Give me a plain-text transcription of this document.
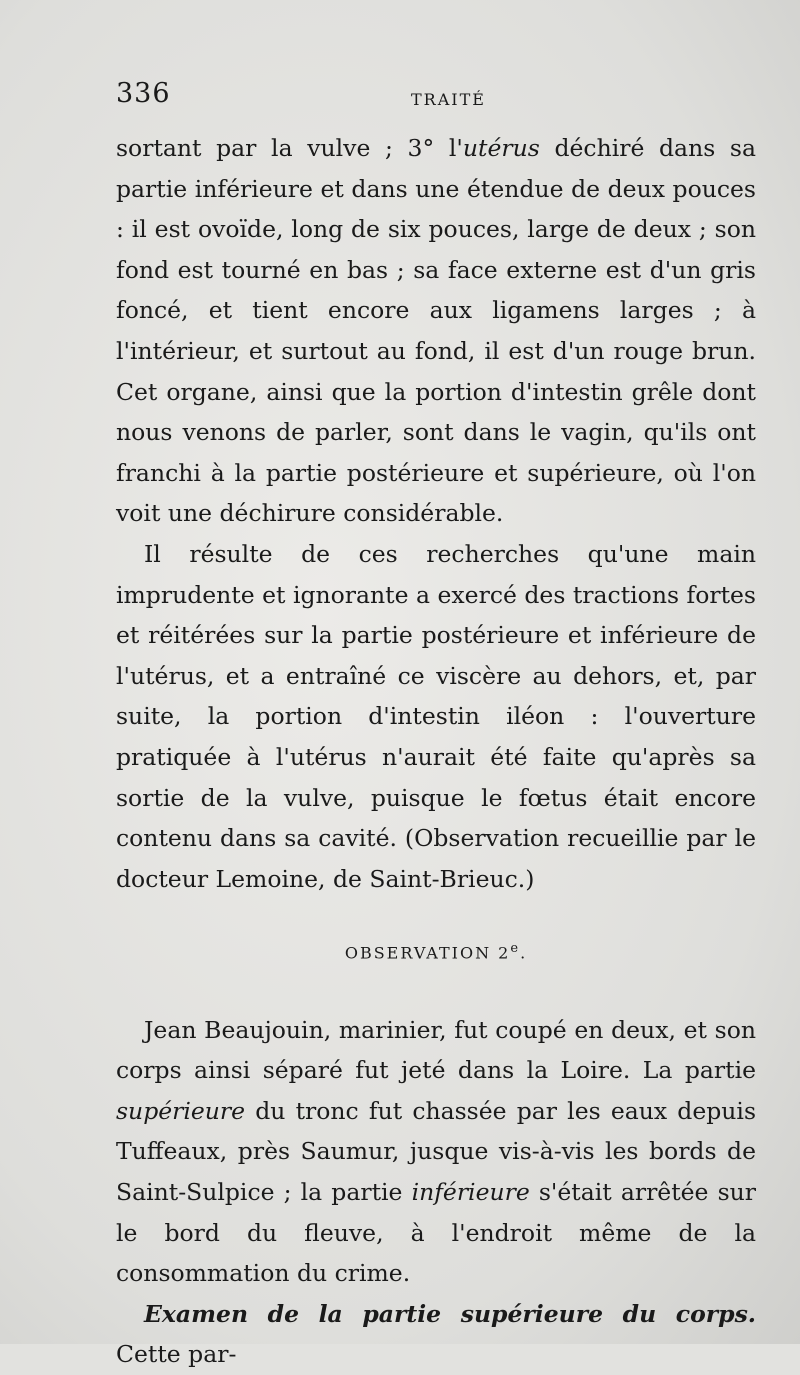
336	TRAITÉ

sortant par la vulve ; 3° l'utérus déchiré dans sa partie inférieure et dans une étendue de deux pouces : il est ovoïde, long de six pouces, large de deux ; son fond est tourné en bas ; sa face externe est d'un gris foncé, et tient encore aux ligamens larges ; à l'intérieur, et surtout au fond, il est d'un rouge brun. Cet organe, ainsi que la portion d'intestin grêle dont nous venons de parler, sont dans le vagin, qu'ils ont franchi à la partie postérieure et supérieure, où l'on voit une déchirure considérable.

Il résulte de ces recherches qu'une main imprudente et ignorante a exercé des tractions fortes et réitérées sur la partie postérieure et inférieure de l'utérus, et a entraîné ce viscère au dehors, et, par suite, la portion d'intestin iléon : l'ouverture pratiquée à l'utérus n'aurait été faite qu'après sa sortie de la vulve, puisque le fœtus était encore contenu dans sa cavité. (Observation recueillie par le docteur Lemoine, de Saint-Brieuc.)

OBSERVATION 2e.

Jean Beaujouin, marinier, fut coupé en deux, et son corps ainsi séparé fut jeté dans la Loire. La partie supérieure du tronc fut chassée par les eaux depuis Tuffeaux, près Saumur, jusque vis-à-vis les bords de Saint-Sulpice ; la partie inférieure s'était arrêtée sur le bord du fleuve, à l'endroit même de la consommation du crime.

Examen de la partie supérieure du corps. Cette par-
